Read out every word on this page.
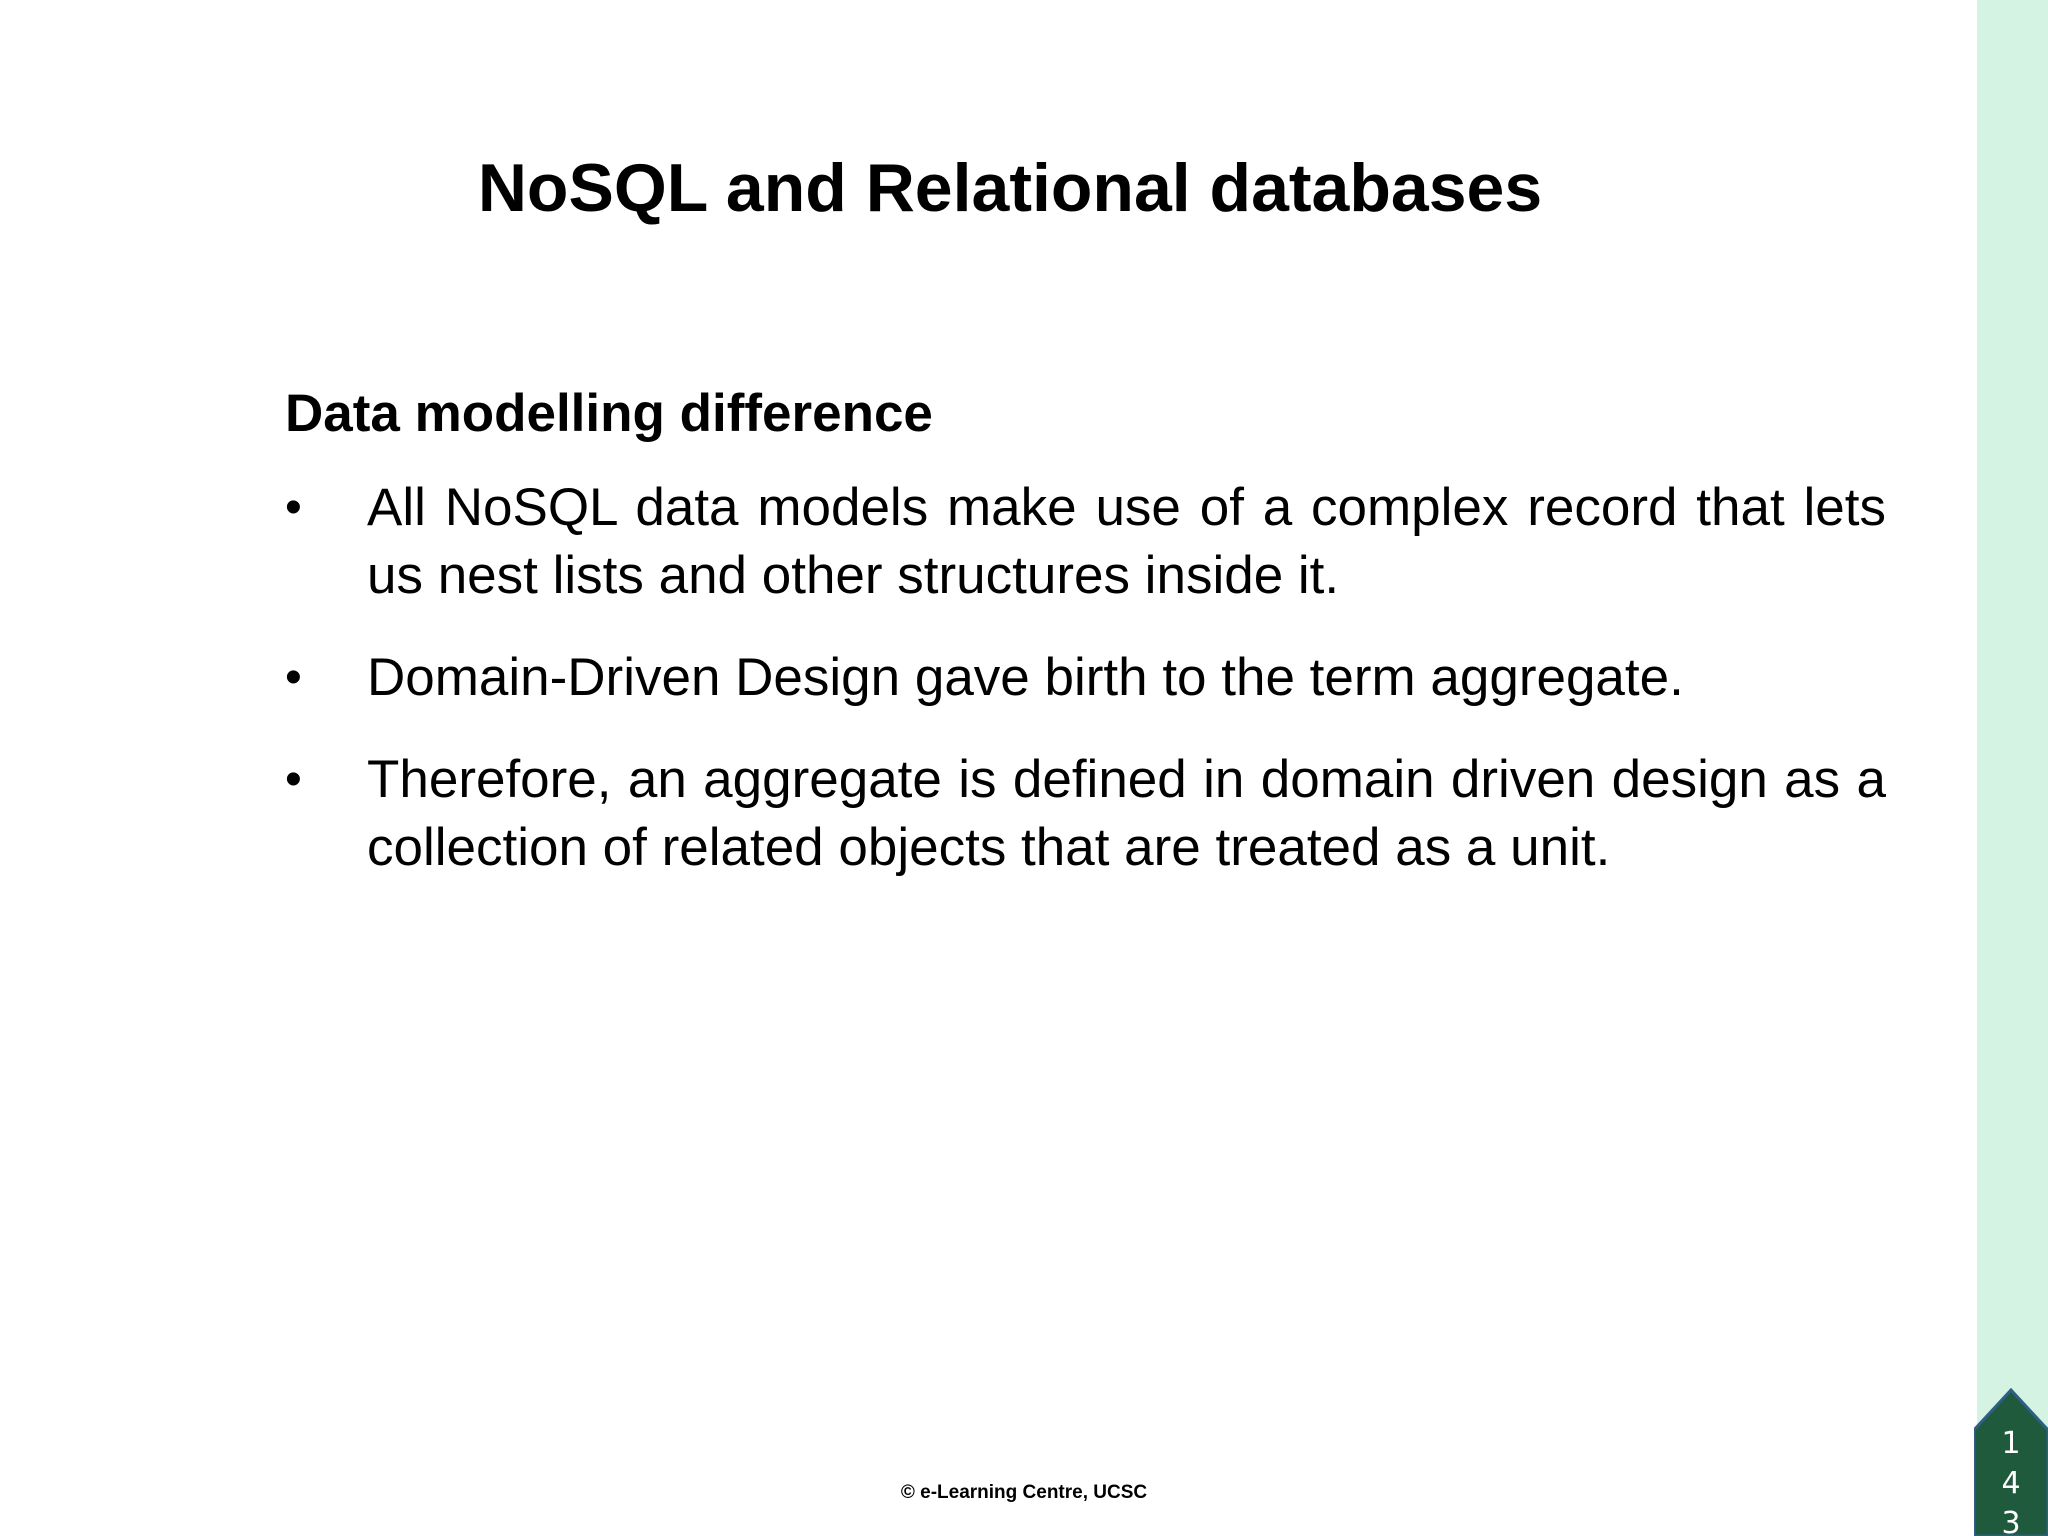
NoSQL and Relational databases
Data modelling difference
• All NoSQL data models make use of a complex record that lets us nest lists and other structures inside it.
• Domain-Driven Design gave birth to the term aggregate.
• Therefore, an aggregate is defined in domain driven design as a collection of related objects that are treated as a unit.
© e-Learning Centre, UCSC
1
4
3
